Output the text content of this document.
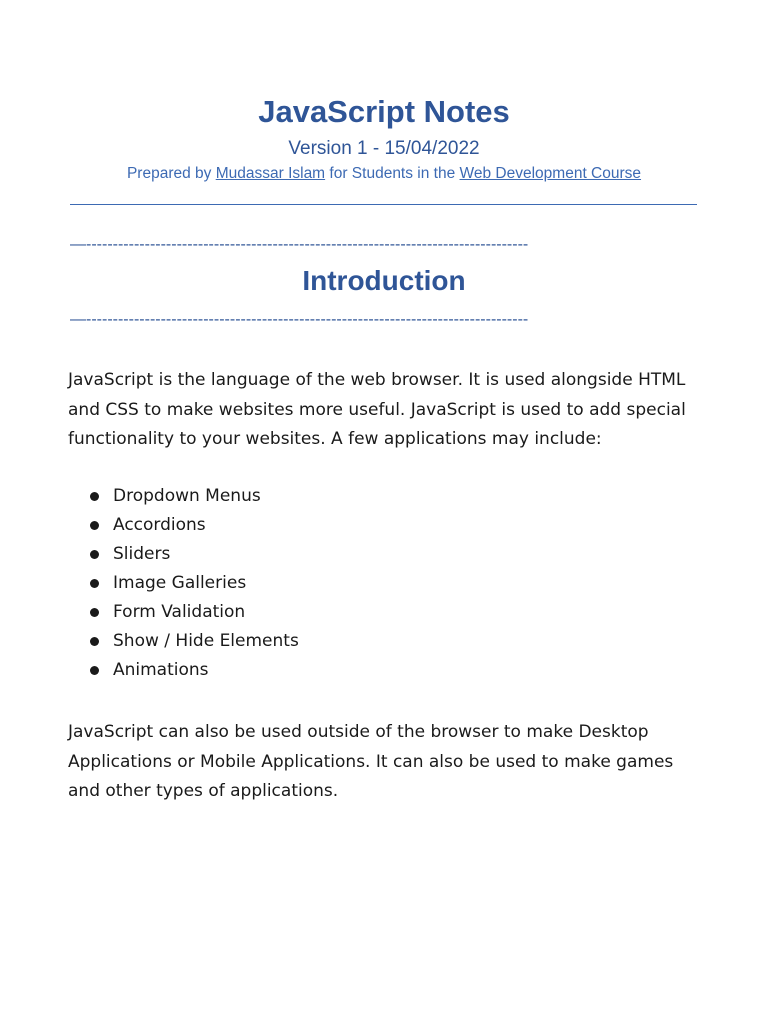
JavaScript Notes
Version 1 - 15/04/2022
Prepared by Mudassar Islam for Students in the Web Development Course
—-----------------------------------------------------------------------------------
Introduction
—-----------------------------------------------------------------------------------

JavaScript is the language of the web browser. It is used alongside HTML and CSS to make websites more useful. JavaScript is used to add special functionality to your websites. A few applications may include:

Dropdown Menus
Accordions
Sliders
Image Galleries
Form Validation
Show / Hide Elements
Animations

JavaScript can also be used outside of the browser to make Desktop Applications or Mobile Applications. It can also be used to make games and other types of applications.
